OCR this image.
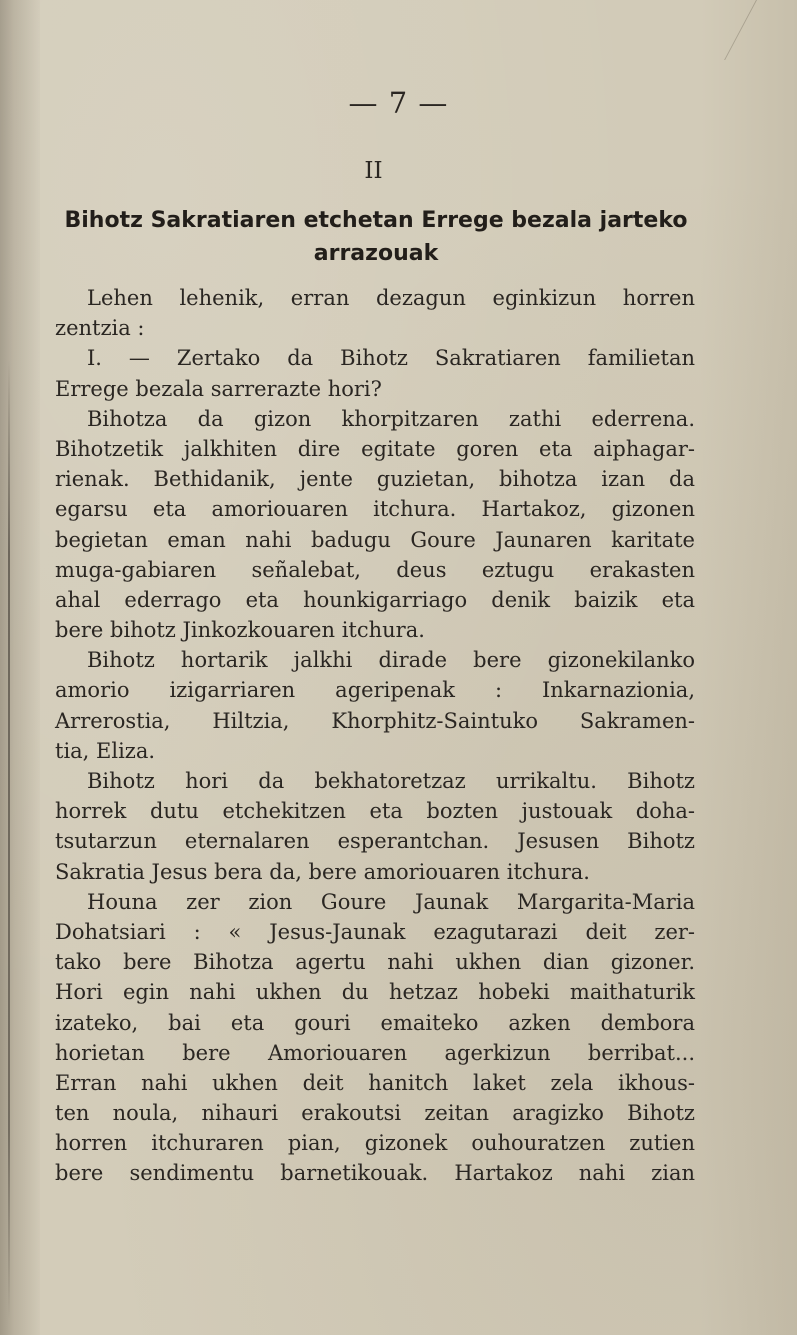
— 7 —
II
Bihotz Sakratiaren etchetan Errege bezala jarteko
arrazouak
Lehen lehenik, erran dezagun eginkizun horren
zentzia :
I. — Zertako da Bihotz Sakratiaren familietan
Errege bezala sarrerazte hori?
Bihotza da gizon khorpitzaren zathi ederrena.
Bihotzetik jalkhiten dire egitate goren eta aiphagar-
rienak. Bethidanik, jente guzietan, bihotza izan da
egarsu eta amoriouaren itchura. Hartakoz, gizonen
begietan eman nahi badugu Goure Jaunaren karitate
muga-gabiaren señalebat, deus eztugu erakasten
ahal ederrago eta hounkigarriago denik baizik eta
bere bihotz Jinkozkouaren itchura.
Bihotz hortarik jalkhi dirade bere gizonekilanko
amorio izigarriaren ageripenak : Inkarnazionia,
Arrerostia, Hiltzia, Khorphitz-Saintuko Sakramen-
tia, Eliza.
Bihotz hori da bekhatoretzaz urrikaltu. Bihotz
horrek dutu etchekitzen eta bozten justouak doha-
tsutarzun eternalaren esperantchan. Jesusen Bihotz
Sakratia Jesus bera da, bere amoriouaren itchura.
Houna zer zion Goure Jaunak Margarita-Maria
Dohatsiari : « Jesus-Jaunak ezagutarazi deit zer-
tako bere Bihotza agertu nahi ukhen dian gizoner.
Hori egin nahi ukhen du hetzaz hobeki maithaturik
izateko, bai eta gouri emaiteko azken dembora
horietan bere Amoriouaren agerkizun berribat...
Erran nahi ukhen deit hanitch laket zela ikhous-
ten noula, nihauri erakoutsi zeitan aragizko Bihotz
horren itchuraren pian, gizonek ouhouratzen zutien
bere sendimentu barnetikouak. Hartakoz nahi zian
